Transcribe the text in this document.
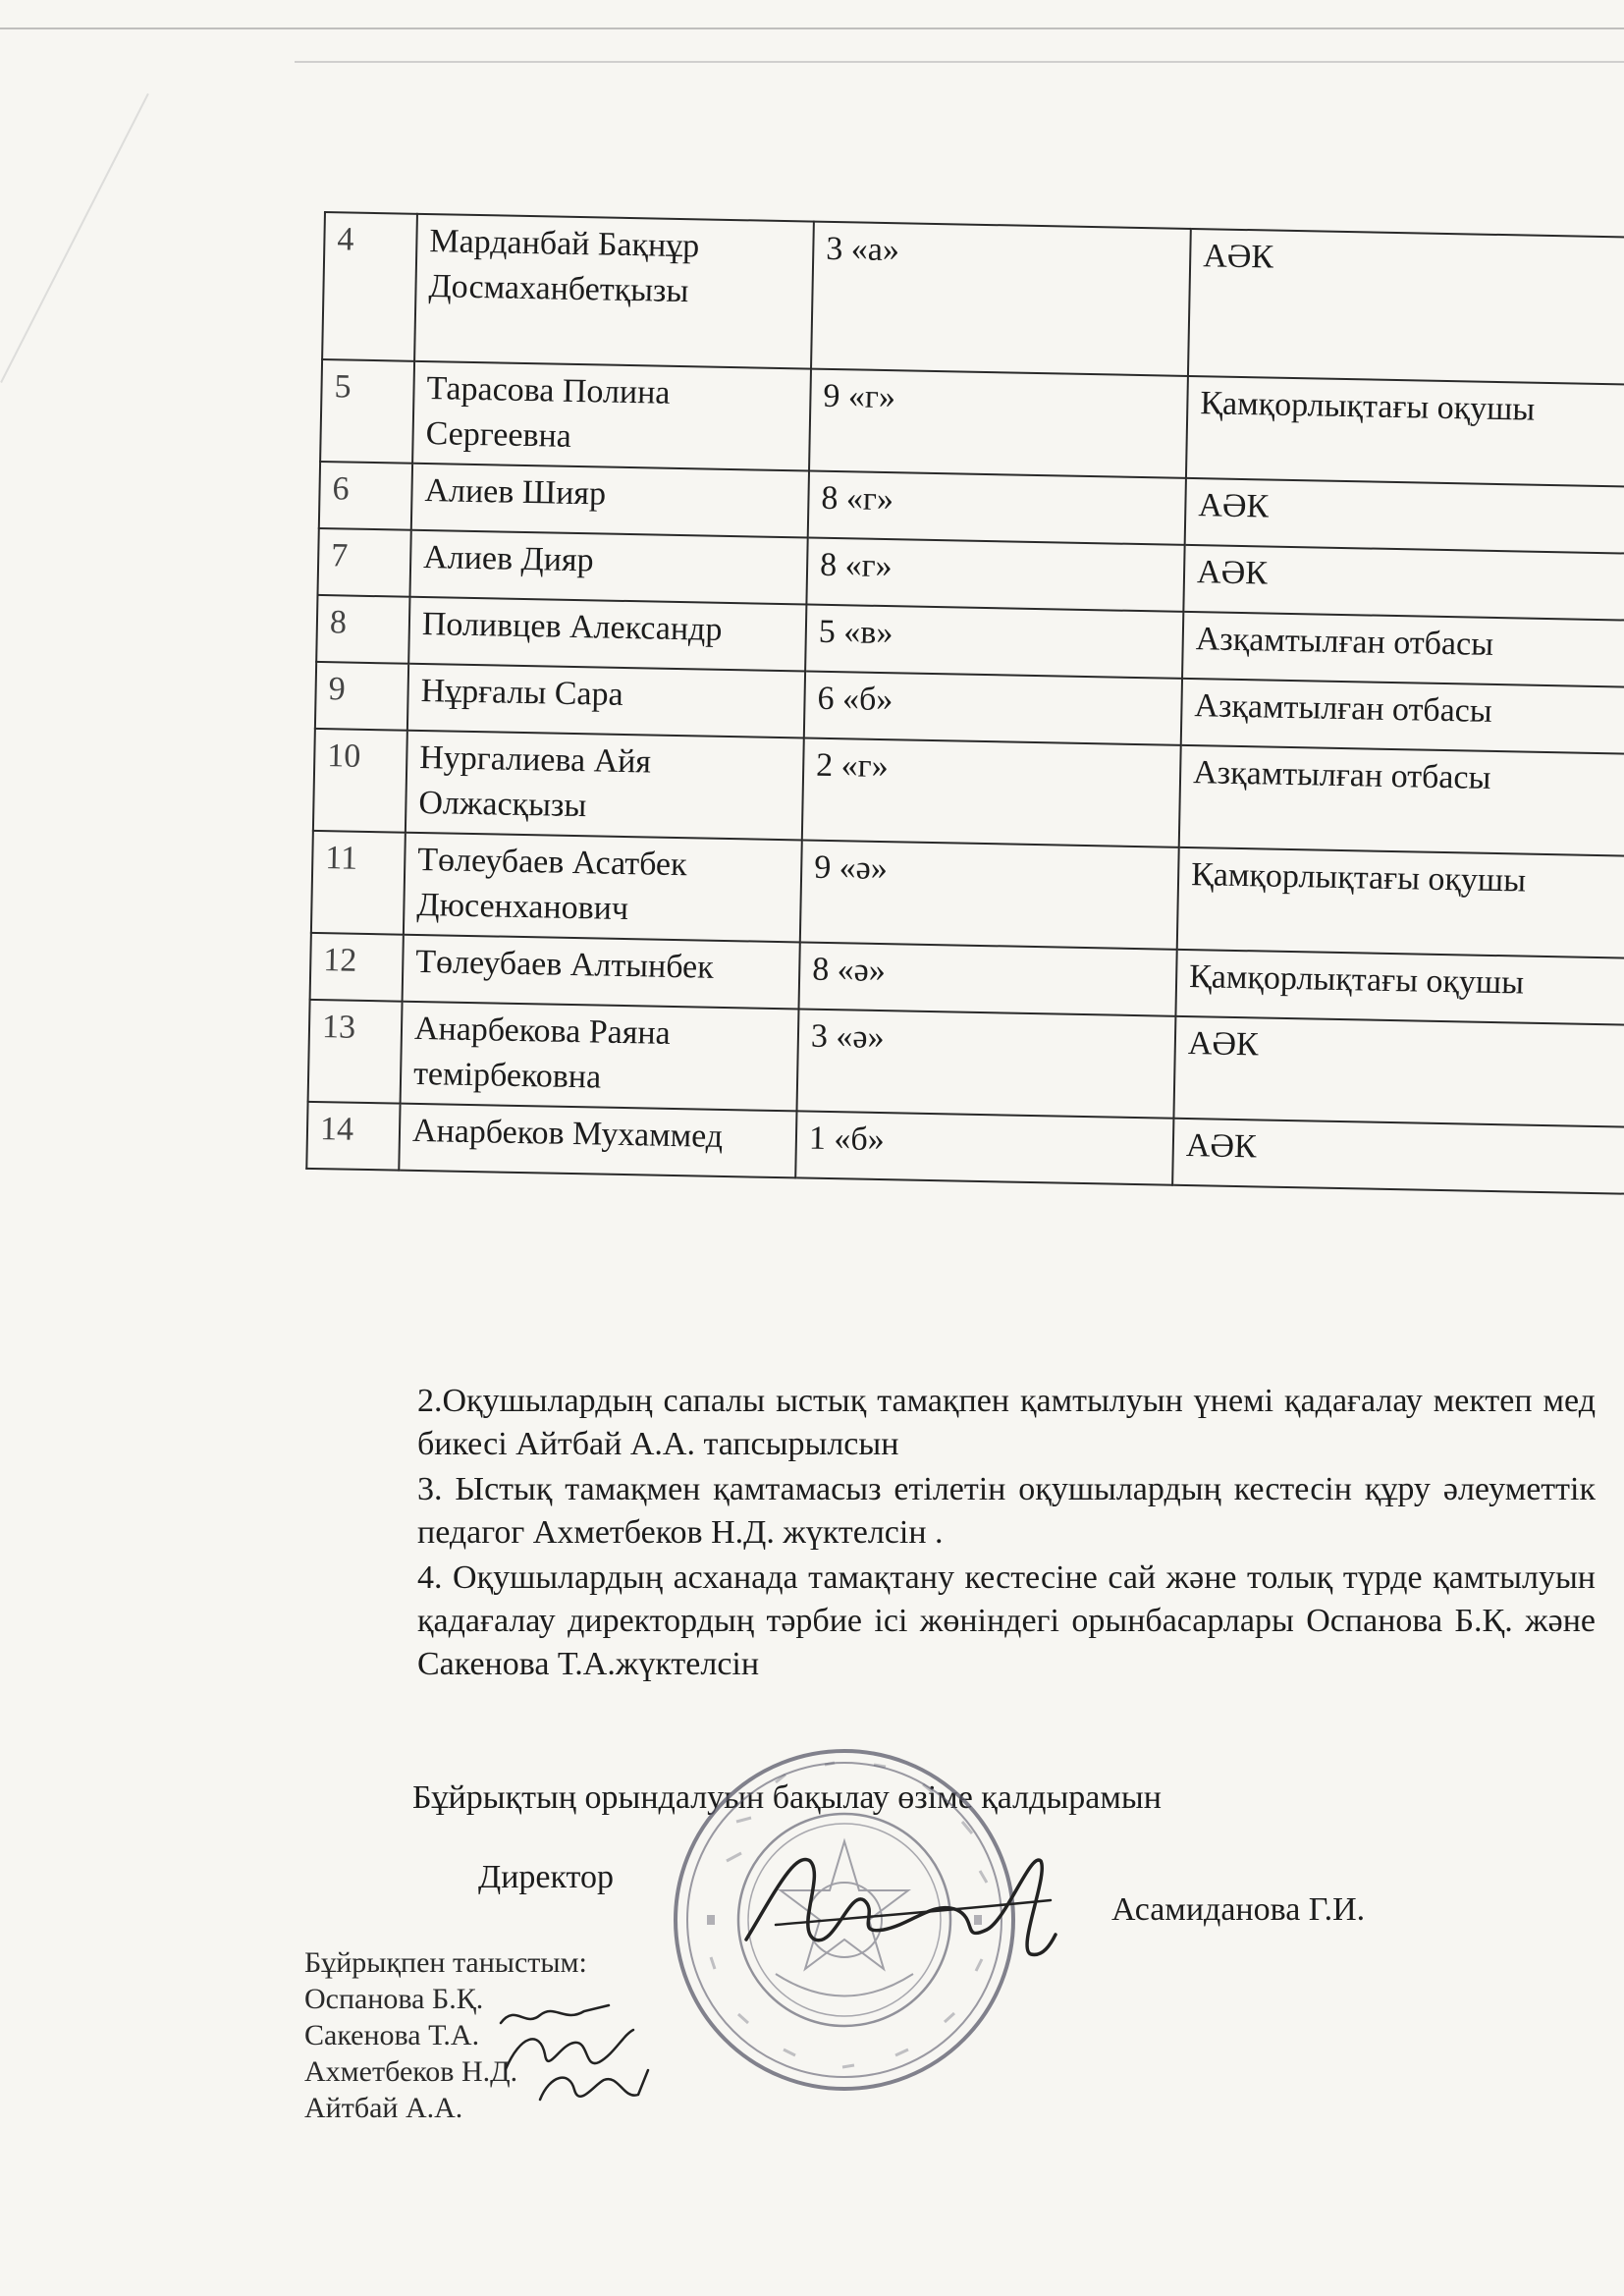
4	Марданбай Бақнұр Досмаханбетқызы	3 «а»	АӘК
5	Тарасова Полина Сергеевна	9 «г»	Қамқорлықтағы оқушы
6	Алиев Шияр	8 «г»	АӘК
7	Алиев Дияр	8 «г»	АӘК
8	Поливцев Александр	5 «в»	Азқамтылған отбасы
9	Нұрғалы Сара	6 «б»	Азқамтылған отбасы
10	Нургалиева Айя Олжасқызы	2 «г»	Азқамтылған отбасы
11	Төлеубаев Асатбек Дюсенханович	9 «ә»	Қамқорлықтағы оқушы
12	Төлеубаев Алтынбек	8 «ә»	Қамқорлықтағы оқушы
13	Анарбекова Раяна темірбековна	3 «ә»	АӘК
14	Анарбеков Мухаммед	1 «б»	АӘК

2.Оқушылардың сапалы ыстық тамақпен қамтылуын үнемі қадағалау мектеп мед бикесі Айтбай А.А. тапсырылсын

3. Ыстық тамақмен қамтамасыз етілетін оқушылардың кестесін құру әлеуметтік педагог Ахметбеков Н.Д. жүктелсін .

4. Оқушылардың асханада тамақтану кестесіне сай және толық түрде қамтылуын қадағалау директордың тәрбие ісі жөніндегі орынбасарлары Оспанова Б.Қ. және Сакенова Т.А.жүктелсін

Бұйрықтың орындалуын бақылау өзіме қалдырамын
Директор
Асамиданова Г.И.
Бұйрықпен таныстым:
Оспанова Б.Қ.
Сакенова Т.А.
Ахметбеков Н.Д.
Айтбай А.А.
